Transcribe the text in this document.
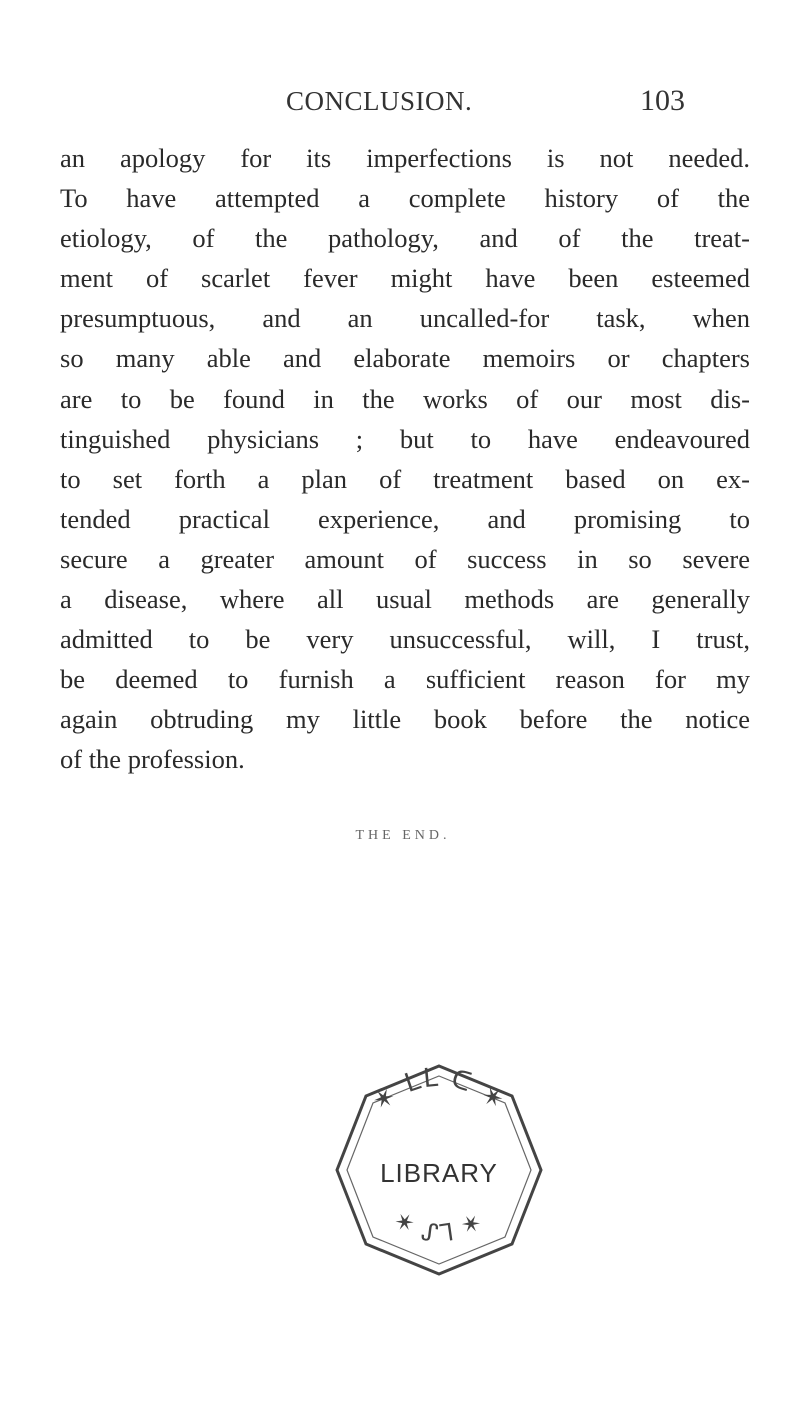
CONCLUSION.	103
an apology for its imperfections is not needed.
To have attempted a complete history of the
etiology, of the pathology, and of the treat-
ment of scarlet fever might have been esteemed
presumptuous, and an uncalled-for task, when
so many able and elaborate memoirs or chapters
are to be found in the works of our most dis-
tinguished physicians ; but to have endeavoured
to set forth a plan of treatment based on ex-
tended practical experience, and promising to
secure a greater amount of success in so severe
a disease, where all usual methods are generally
admitted to be very unsuccessful, will, I trust,
be deemed to furnish a sufficient reason for my
again obtruding my little book before the notice
of the profession.
THE END.
✶ ᒪᒪ ᑕ ✶
✶ ᔑᒣ ✶
LIBRARY
